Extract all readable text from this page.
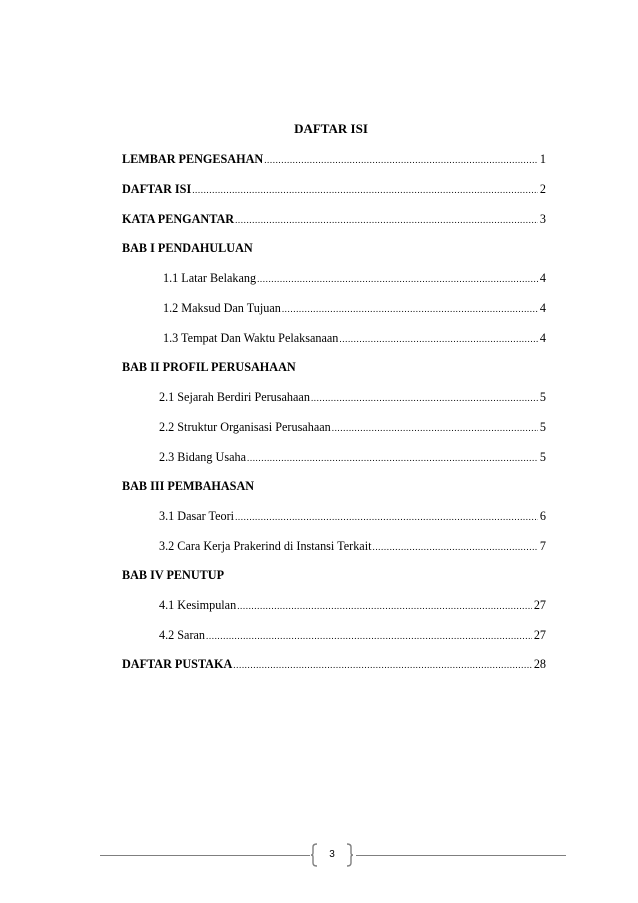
DAFTAR ISI
LEMBAR PENGESAHAN .....	1
DAFTAR ISI .....	2
KATA PENGANTAR .....	3
BAB I PENDAHULUAN
1.1 Latar Belakang .....	4
1.2 Maksud Dan Tujuan .....	4
1.3 Tempat Dan Waktu Pelaksanaan .....	4
BAB II PROFIL PERUSAHAAN
2.1 Sejarah Berdiri Perusahaan .....	5
2.2 Struktur Organisasi Perusahaan .....	5
2.3 Bidang Usaha .....	5
BAB III PEMBAHASAN
3.1 Dasar Teori .....	6
3.2 Cara Kerja Prakerind di Instansi Terkait .....	7
BAB IV PENUTUP
4.1 Kesimpulan .....	27
4.2 Saran .....	27
DAFTAR PUSTAKA .....	28
3
